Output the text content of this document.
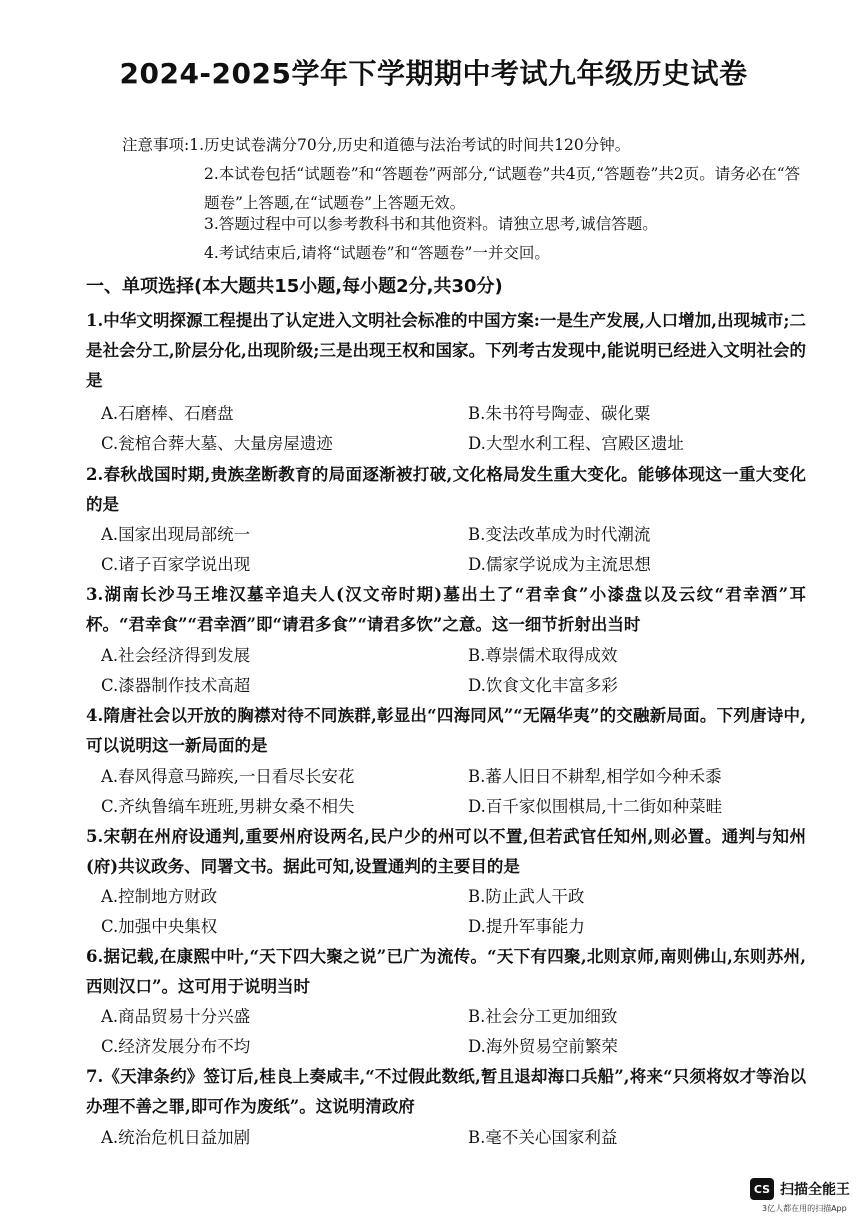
2024-2025学年下学期期中考试九年级历史试卷
注意事项:1.历史试卷满分70分,历史和道德与法治考试的时间共120分钟。
2.本试卷包括“试题卷”和“答题卷”两部分,“试题卷”共4页,“答题卷”共2页。请务必在“答题卷”上答题,在“试题卷”上答题无效。
3.答题过程中可以参考教科书和其他资料。请独立思考,诚信答题。
4.考试结束后,请将“试题卷”和“答题卷”一并交回。
一、单项选择(本大题共15小题,每小题2分,共30分)

1.中华文明探源工程提出了认定进入文明社会标准的中国方案:一是生产发展,人口增加,出现城市;二是社会分工,阶层分化,出现阶级;三是出现王权和国家。下列考古发现中,能说明已经进入文明社会的是

A.石磨棒、石磨盘	B.朱书符号陶壶、碳化粟
C.瓮棺合葬大墓、大量房屋遗迹	D.大型水利工程、宫殿区遗址

2.春秋战国时期,贵族垄断教育的局面逐渐被打破,文化格局发生重大变化。能够体现这一重大变化的是

A.国家出现局部统一	B.变法改革成为时代潮流
C.诸子百家学说出现	D.儒家学说成为主流思想

3.湖南长沙马王堆汉墓辛追夫人(汉文帝时期)墓出土了“君幸食”小漆盘以及云纹“君幸酒”耳杯。“君幸食”“君幸酒”即“请君多食”“请君多饮”之意。这一细节折射出当时

A.社会经济得到发展	B.尊崇儒术取得成效
C.漆器制作技术高超	D.饮食文化丰富多彩

4.隋唐社会以开放的胸襟对待不同族群,彰显出“四海同风”“无隔华夷”的交融新局面。下列唐诗中,可以说明这一新局面的是

A.春风得意马蹄疾,一日看尽长安花	B.蕃人旧日不耕犁,相学如今种禾黍
C.齐纨鲁缟车班班,男耕女桑不相失	D.百千家似围棋局,十二街如种菜畦

5.宋朝在州府设通判,重要州府设两名,民户少的州可以不置,但若武官任知州,则必置。通判与知州(府)共议政务、同署文书。据此可知,设置通判的主要目的是

A.控制地方财政	B.防止武人干政
C.加强中央集权	D.提升军事能力

6.据记载,在康熙中叶,“天下四大聚之说”已广为流传。“天下有四聚,北则京师,南则佛山,东则苏州,西则汉口”。这可用于说明当时

A.商品贸易十分兴盛	B.社会分工更加细致
C.经济发展分布不均	D.海外贸易空前繁荣

7.《天津条约》签订后,桂良上奏咸丰,“不过假此数纸,暂且退却海口兵船”,将来“只须将奴才等治以办理不善之罪,即可作为废纸”。这说明清政府

A.统治危机日益加剧	B.毫不关心国家利益
CS 扫描全能王
3亿人都在用的扫描App
